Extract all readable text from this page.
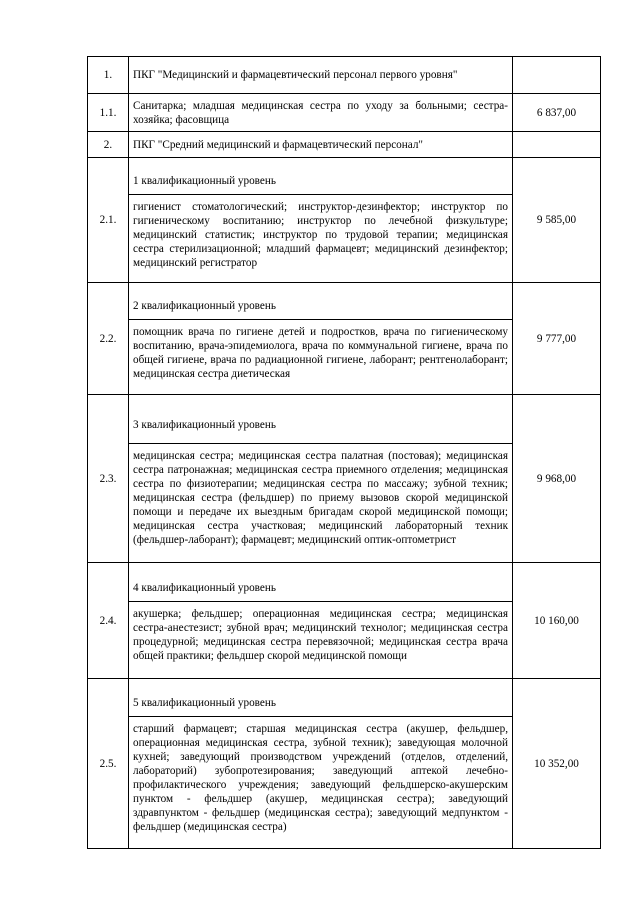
1.	ПКГ "Медицинский и фармацевтический персонал первого уровня"	
1.1.	Санитарка; младшая медицинская сестра по уходу за больными; сестра-хозяйка; фасовщица	6 837,00
2.	ПКГ "Средний медицинский и фармацевтический персонал"	
2.1.	1 квалификационный уровень
гигиенист стоматологический; инструктор-дезинфектор; инструктор по гигиеническому воспитанию; инструктор по лечебной физкультуре; медицинский статистик; инструктор по трудовой терапии; медицинская сестра стерилизационной; младший фармацевт; медицинский дезинфектор; медицинский регистратор	9 585,00
2.2.	2 квалификационный уровень
помощник врача по гигиене детей и подростков, врача по гигиеническому воспитанию, врача-эпидемиолога, врача по коммунальной гигиене, врача по общей гигиене, врача по радиационной гигиене, лаборант; рентгенолаборант; медицинская сестра диетическая	9 777,00
2.3.	3 квалификационный уровень
медицинская сестра; медицинская сестра палатная (постовая); медицинская сестра патронажная; медицинская сестра приемного отделения; медицинская сестра по физиотерапии; медицинская сестра по массажу; зубной техник; медицинская сестра (фельдшер) по приему вызовов скорой медицинской помощи и передаче их выездным бригадам скорой медицинской помощи; медицинская сестра участковая; медицинский лабораторный техник (фельдшер-лаборант); фармацевт; медицинский оптик-оптометрист	9 968,00
2.4.	4 квалификационный уровень
акушерка; фельдшер; операционная медицинская сестра; медицинская сестра-анестезист; зубной врач; медицинский технолог; медицинская сестра процедурной; медицинская сестра перевязочной; медицинская сестра врача общей практики; фельдшер скорой медицинской помощи	10 160,00
2.5.	5 квалификационный уровень
старший фармацевт; старшая медицинская сестра (акушер, фельдшер, операционная медицинская сестра, зубной техник); заведующая молочной кухней; заведующий производством учреждений (отделов, отделений, лабораторий) зубопротезирования; заведующий аптекой лечебно-профилактического учреждения; заведующий фельдшерско-акушерским пунктом - фельдшер (акушер, медицинская сестра); заведующий здравпунктом - фельдшер (медицинская сестра); заведующий медпунктом - фельдшер (медицинская сестра)	10 352,00
